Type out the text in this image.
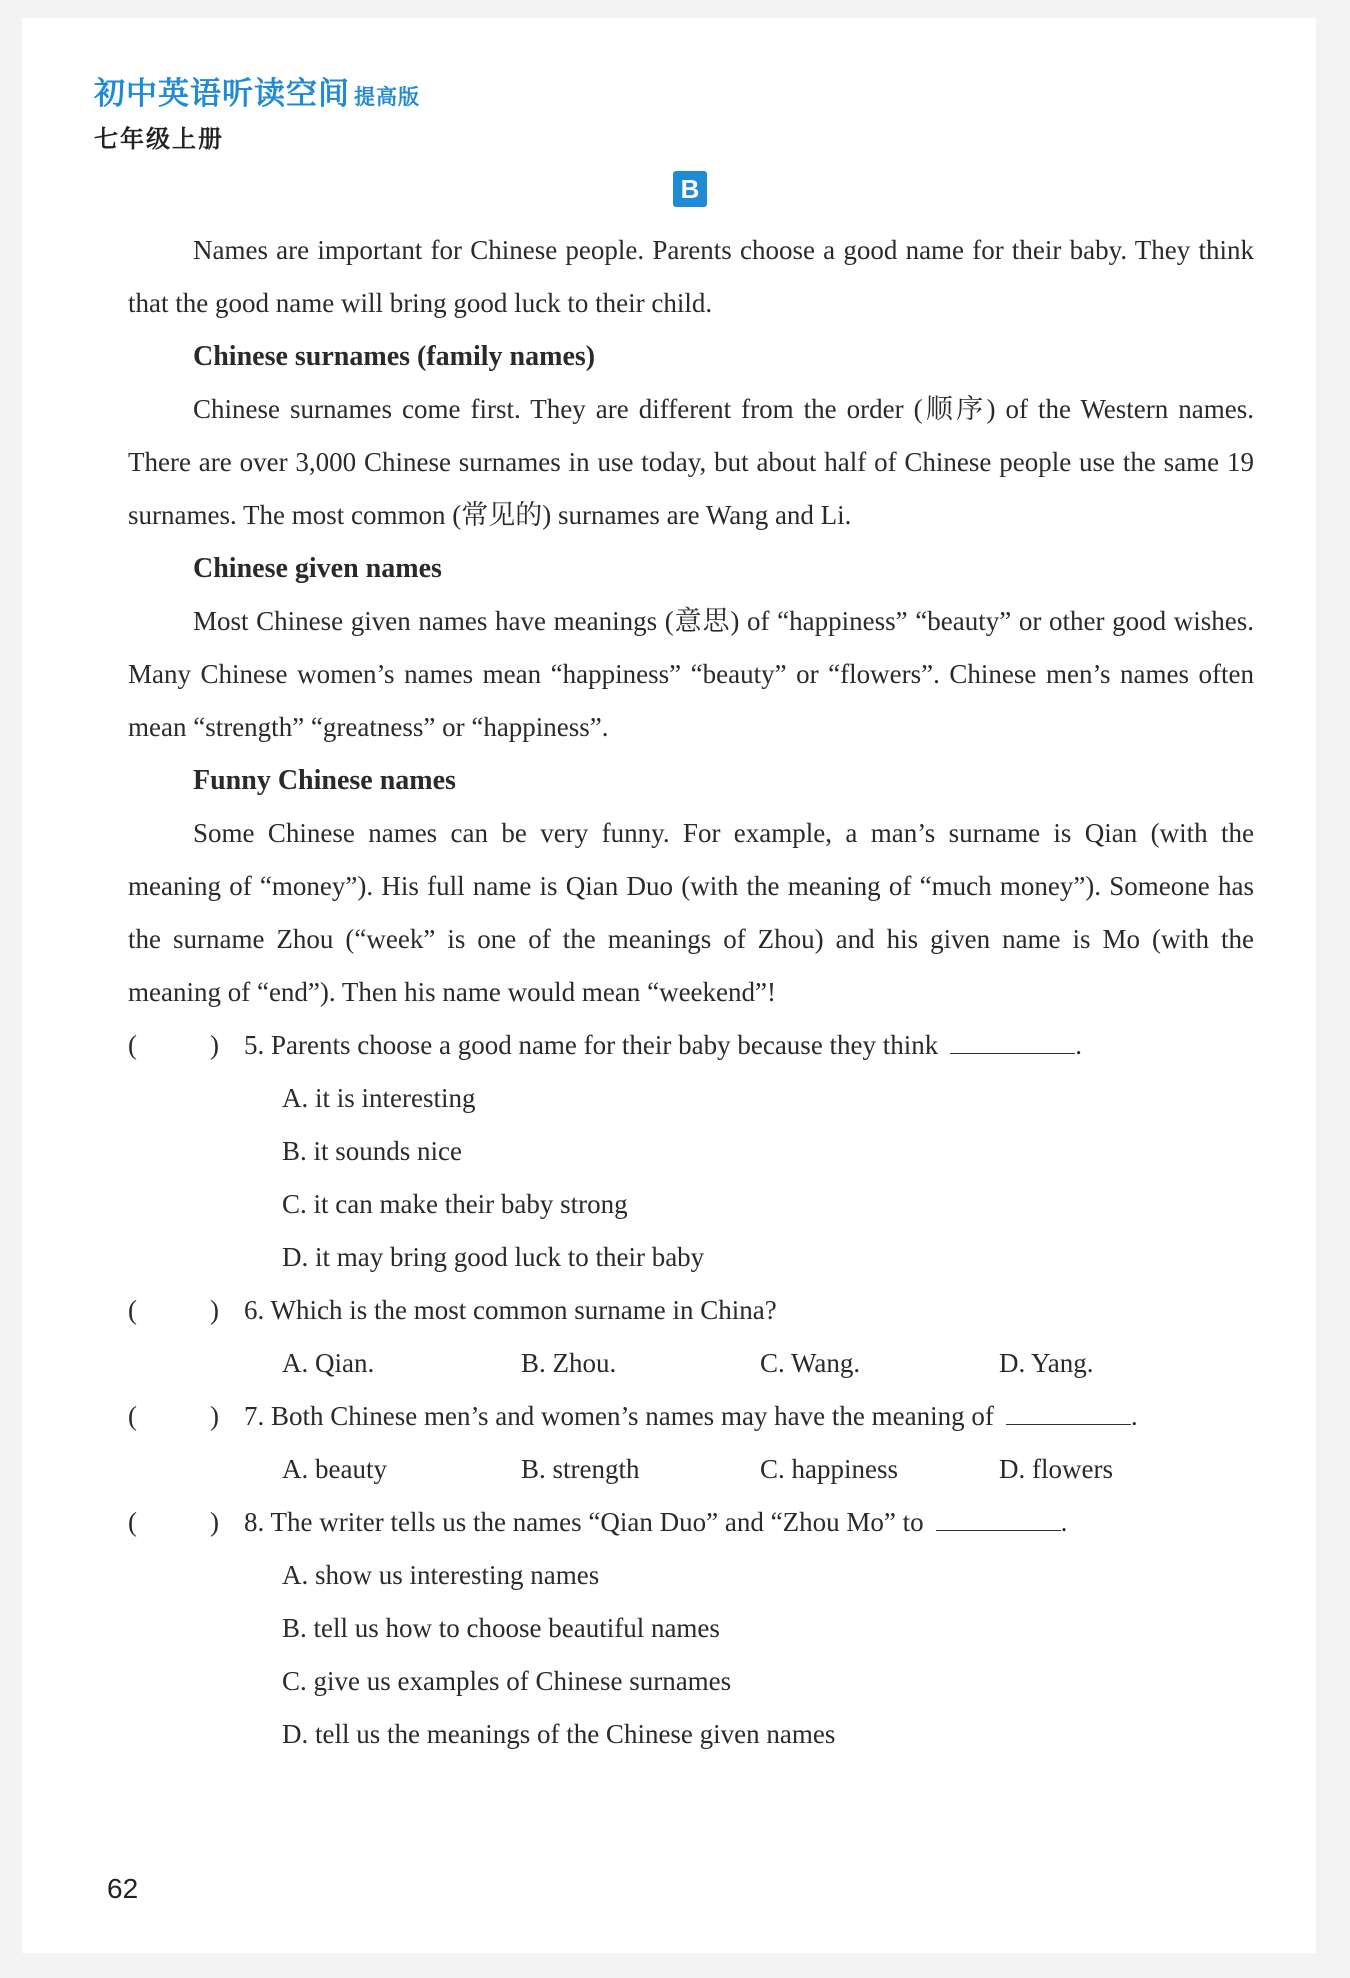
初中英语听读空间 提高版
七年级上册
B

Names are important for Chinese people. Parents choose a good name for their baby. They think that the good name will bring good luck to their child.

Chinese surnames (family names)

Chinese surnames come first. They are different from the order (顺序) of the Western names. There are over 3,000 Chinese surnames in use today, but about half of Chinese people use the same 19 surnames. The most common (常见的) surnames are Wang and Li.

Chinese given names

Most Chinese given names have meanings (意思) of “happiness” “beauty” or other good wishes. Many Chinese women’s names mean “happiness” “beauty” or “flowers”. Chinese men’s names often mean “strength” “greatness” or “happiness”.

Funny Chinese names

Some Chinese names can be very funny. For example, a man’s surname is Qian (with the meaning of “money”). His full name is Qian Duo (with the meaning of “much money”). Someone has the surname Zhou (“week” is one of the meanings of Zhou) and his given name is Mo (with the meaning of “end”). Then his name would mean “weekend”!

(	) 5. Parents choose a good name for their baby because they think	.
A. it is interesting
B. it sounds nice
C. it can make their baby strong
D. it may bring good luck to their baby
(	) 6. Which is the most common surname in China?
A. Qian.	B. Zhou.	C. Wang.	D. Yang.
(	) 7. Both Chinese men’s and women’s names may have the meaning of	.
A. beauty	B. strength	C. happiness	D. flowers
(	) 8. The writer tells us the names “Qian Duo” and “Zhou Mo” to	.
A. show us interesting names
B. tell us how to choose beautiful names
C. give us examples of Chinese surnames
D. tell us the meanings of the Chinese given names
62
